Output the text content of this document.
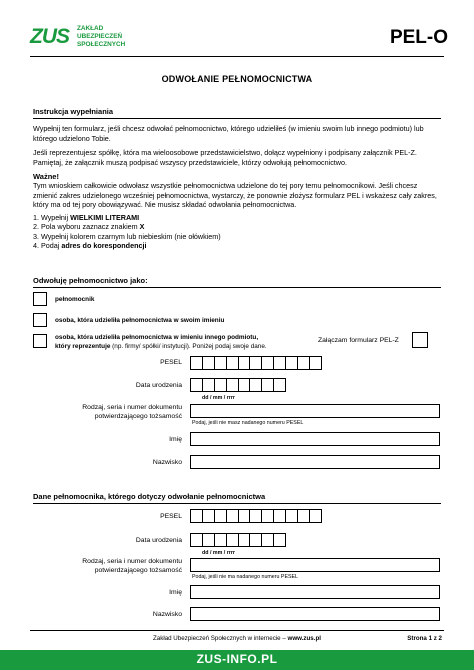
ZUS	ZAKŁAD
UBEZPIECZEŃ
SPOŁECZNYCH	PEL-O
ODWOŁANIE PEŁNOMOCNICTWA
Instrukcja wypełniania
Wypełnij ten formularz, jeśli chcesz odwołać pełnomocnictwo, którego udzieliłeś (w imieniu swoim lub innego podmiotu) lub którego udzielono Tobie.
Jeśli reprezentujesz spółkę, która ma wieloosobowe przedstawicielstwo, dołącz wypełniony i podpisany załącznik PEL-Z. Pamiętaj, że załącznik muszą podpisać wszyscy przedstawiciele, którzy odwołują pełnomocnictwo.
Ważne!
Tym wnioskiem całkowicie odwołasz wszystkie pełnomocnictwa udzielone do tej pory temu pełnomocnikowi. Jeśli chcesz zmienić zakres udzielonego wcześniej pełnomocnictwa, wystarczy, że ponownie złożysz formularz PEL i wskażesz cały zakres, który ma od tej pory obowiązywać. Nie musisz składać odwołania pełnomocnictwa.
1. Wypełnij WIELKIMI LITERAMI
2. Pola wyboru zaznacz znakiem X
3. Wypełnij kolorem czarnym lub niebieskim (nie ołówkiem)
4. Podaj adres do korespondencji
Odwołuję pełnomocnictwo jako:
pełnomocnik
osoba, która udzieliła pełnomocnictwa w swoim imieniu
osoba, która udzieliła pełnomocnictwa w imieniu innego podmiotu,
który reprezentuje (np. firmy/ spółki/ instytucji). Poniżej podaj swoje dane.
Załączam formularz PEL-Z
PESEL
Data urodzenia
dd / mm / rrrr
Rodzaj, seria i numer dokumentu
potwierdzającego tożsamość
Podaj, jeśli nie masz nadanego numeru PESEL
Imię
Nazwisko
Dane pełnomocnika, którego dotyczy odwołanie pełnomocnictwa
PESEL
Data urodzenia
dd / mm / rrrr
Rodzaj, seria i numer dokumentu
potwierdzającego tożsamość
Podaj, jeśli nie ma nadanego numeru PESEL
Imię
Nazwisko
Zakład Ubezpieczeń Społecznych w internecie – www.zus.pl	Strona 1 z 2
ZUS-INFO.PL
